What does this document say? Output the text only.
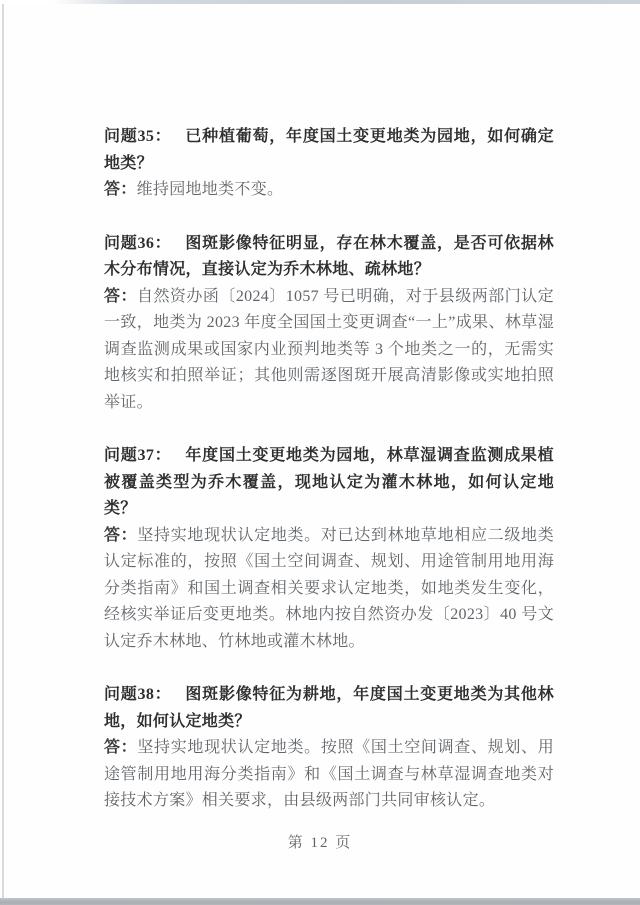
问题35： 已种植葡萄，年度国土变更地类为园地，如何确定地类？

答：维持园地地类不变。

问题36： 图斑影像特征明显，存在林木覆盖，是否可依据林木分布情况，直接认定为乔木林地、疏林地？

答：自然资办函〔2024〕1057 号已明确，对于县级两部门认定一致，地类为 2023 年度全国国土变更调查“一上”成果、林草湿调查监测成果或国家内业预判地类等 3 个地类之一的，无需实地核实和拍照举证；其他则需逐图斑开展高清影像或实地拍照举证。

问题37： 年度国土变更地类为园地，林草湿调查监测成果植被覆盖类型为乔木覆盖，现地认定为灌木林地，如何认定地类？

答：坚持实地现状认定地类。对已达到林地草地相应二级地类认定标准的，按照《国土空间调查、规划、用途管制用地用海分类指南》和国土调查相关要求认定地类，如地类发生变化，经核实举证后变更地类。林地内按自然资办发〔2023〕40 号文认定乔木林地、竹林地或灌木林地。

问题38： 图斑影像特征为耕地，年度国土变更地类为其他林地，如何认定地类？

答：坚持实地现状认定地类。按照《国土空间调查、规划、用途管制用地用海分类指南》和《国土调查与林草湿调查地类对接技术方案》相关要求，由县级两部门共同审核认定。

第 12 页
